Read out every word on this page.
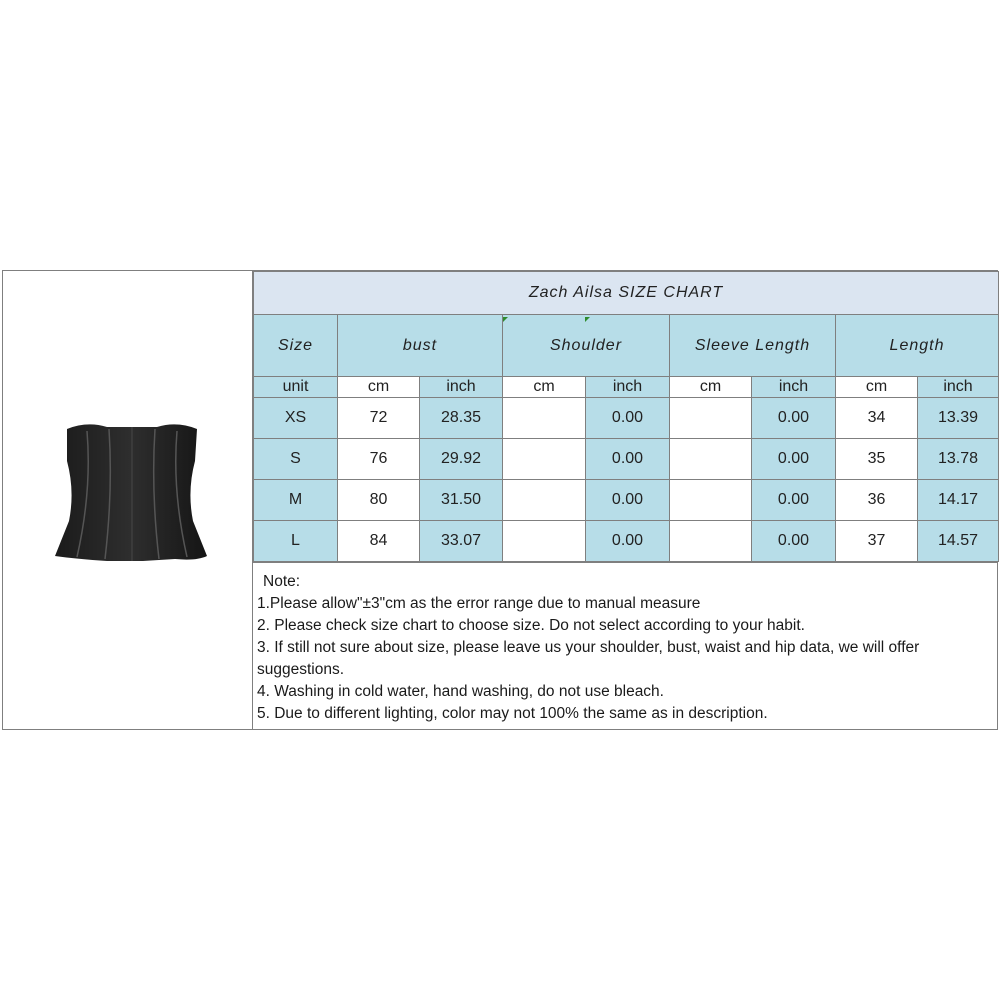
Zach Ailsa SIZE CHART								
Size	bust		Shoulder		Sleeve Length		Length	
unit	cm	inch	cm	inch	cm	inch	cm	inch
XS	72	28.35		0.00		0.00	34	13.39
S	76	29.92		0.00		0.00	35	13.78
M	80	31.50		0.00		0.00	36	14.17
L	84	33.07		0.00		0.00	37	14.57
Note:
1.Please allow"±3"cm as the error range due to manual measure
2. Please check size chart to choose size. Do not select according to your habit.
3. If still not sure about size, please leave us your shoulder, bust, waist and hip data, we will offer suggestions.
4. Washing in cold water, hand washing, do not use bleach.
5. Due to different lighting, color may not 100% the same as in description.
